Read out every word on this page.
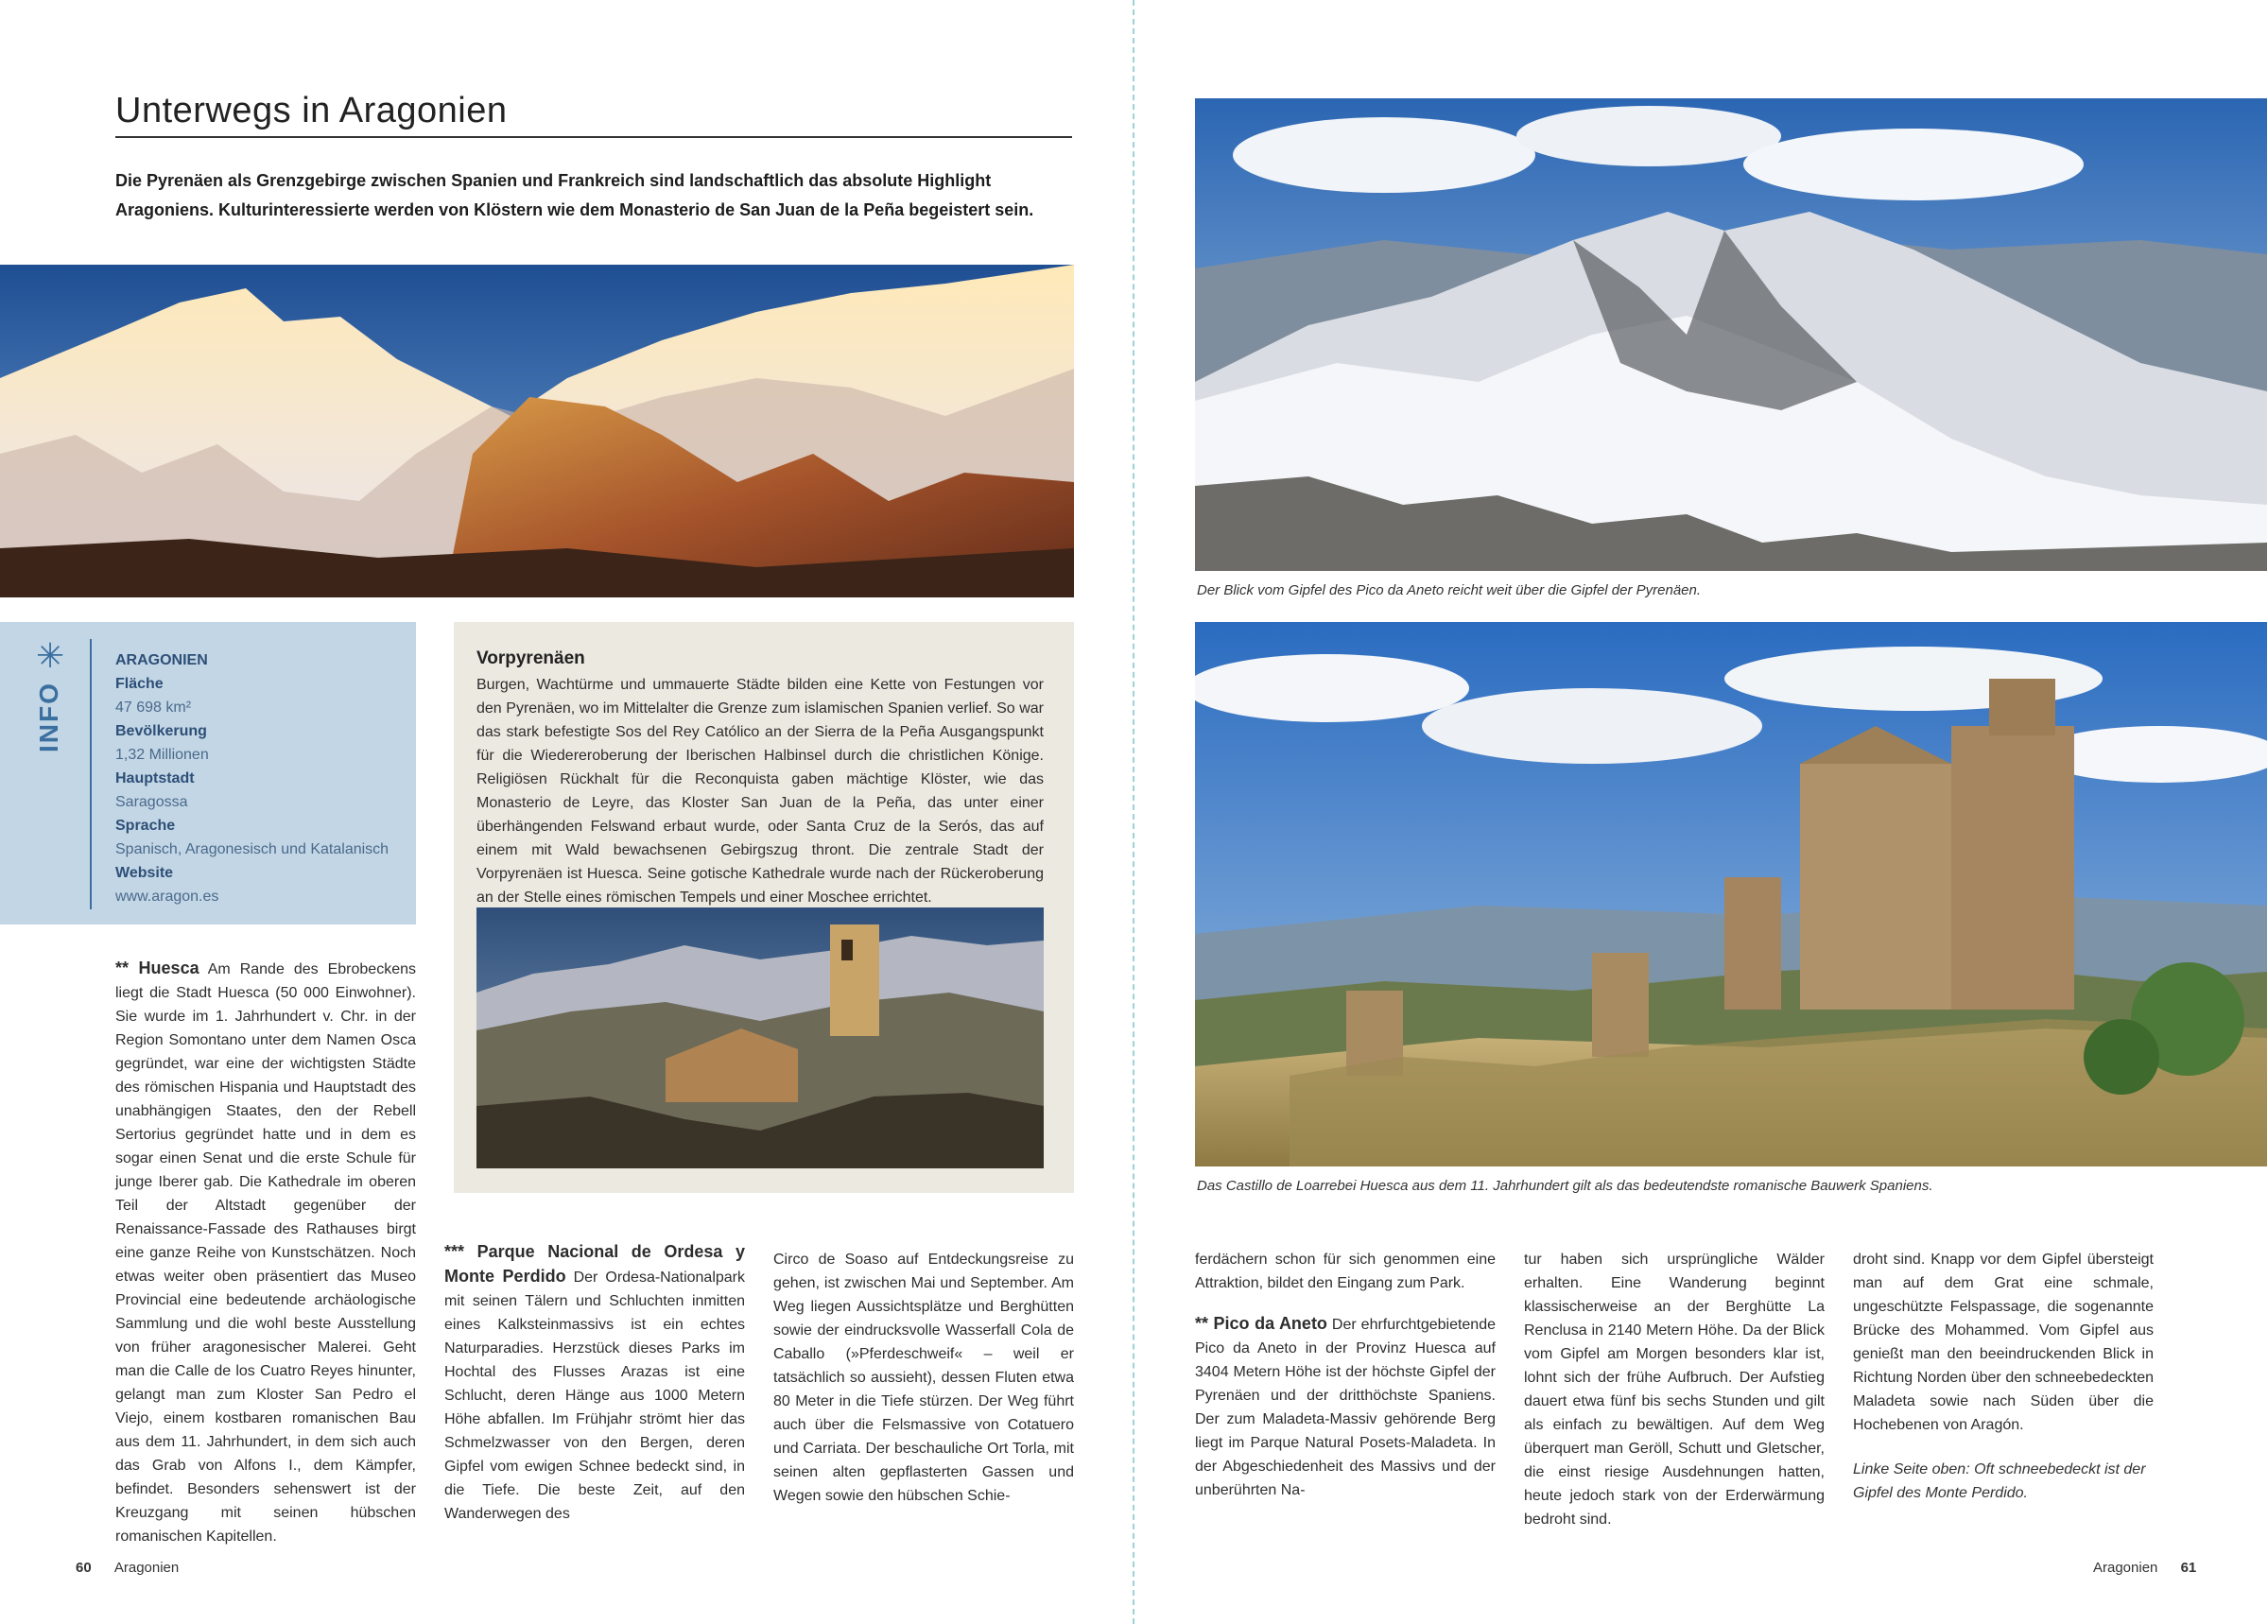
Unterwegs in Aragonien

Die Pyrenäen als Grenzgebirge zwischen Spanien und Frankreich sind landschaftlich das absolute Highlight Aragoniens. Kulturinteressierte werden von Klöstern wie dem Monasterio de San Juan de la Peña begeistert sein.

✳
INFO
ARAGONIEN
Fläche
47 698 km²
Bevölkerung
1,32 Millionen
Hauptstadt
Saragossa
Sprache
Spanisch, Aragonesisch und Katalanisch
Website
www.aragon.es
Vorpyrenäen

Burgen, Wachtürme und ummauerte Städte bilden eine Kette von Festungen vor den Pyrenäen, wo im Mittelalter die Grenze zum islamischen Spanien verlief. So war das stark befestigte Sos del Rey Católico an der Sierra de la Peña Ausgangspunkt für die Wiedereroberung der Iberischen Halbinsel durch die christlichen Könige. Religiösen Rückhalt für die Reconquista gaben mächtige Klöster, wie das Monasterio de Leyre, das Kloster San Juan de la Peña, das unter einer überhängenden Felswand erbaut wurde, oder Santa Cruz de la Serós, das auf einem mit Wald bewachsenen Gebirgszug thront. Die zentrale Stadt der Vorpyrenäen ist Huesca. Seine gotische Kathedrale wurde nach der Rückeroberung an der Stelle eines römischen Tempels und einer Moschee errichtet.

** Huesca Am Rande des Ebrobeckens liegt die Stadt Huesca (50 000 Einwohner). Sie wurde im 1. Jahrhundert v. Chr. in der Region Somontano unter dem Namen Osca gegründet, war eine der wichtigsten Städte des römischen Hispania und Hauptstadt des unabhängigen Staates, den der Rebell Sertorius gegründet hatte und in dem es sogar einen Senat und die erste Schule für junge Iberer gab. Die Kathedrale im oberen Teil der Altstadt gegenüber der Renaissance-Fassade des Rathauses birgt eine ganze Reihe von Kunstschätzen. Noch etwas weiter oben präsentiert das Museo Provincial eine bedeutende archäologische Sammlung und die wohl beste Ausstellung von früher aragonesischer Malerei. Geht man die Calle de los Cuatro Reyes hinunter, gelangt man zum Kloster San Pedro el Viejo, einem kostbaren romanischen Bau aus dem 11. Jahrhundert, in dem sich auch das Grab von Alfons I., dem Kämpfer, befindet. Besonders sehenswert ist der Kreuzgang mit seinen hübschen romanischen Kapitellen.
*** Parque Nacional de Ordesa y Monte Perdido Der Ordesa-Nationalpark mit seinen Tälern und Schluchten inmitten eines Kalksteinmassivs ist ein echtes Naturparadies. Herzstück dieses Parks im Hochtal des Flusses Arazas ist eine Schlucht, deren Hänge aus 1000 Metern Höhe abfallen. Im Frühjahr strömt hier das Schmelzwasser von den Bergen, deren Gipfel vom ewigen Schnee bedeckt sind, in die Tiefe. Die beste Zeit, auf den Wanderwegen des
Circo de Soaso auf Entdeckungsreise zu gehen, ist zwischen Mai und September. Am Weg liegen Aussichtsplätze und Berghütten sowie der eindrucksvolle Wasserfall Cola de Caballo (»Pferdeschweif« – weil er tatsächlich so aussieht), dessen Fluten etwa 80 Meter in die Tiefe stürzen. Der Weg führt auch über die Felsmassive von Cotatuero und Carriata. Der beschauliche Ort Torla, mit seinen alten gepflasterten Gassen und Wegen sowie den hübschen Schie-
60 Aragonien

Der Blick vom Gipfel des Pico da Aneto reicht weit über die Gipfel der Pyrenäen.

Das Castillo de Loarrebei Huesca aus dem 11. Jahrhundert gilt als das bedeutendste romanische Bauwerk Spaniens.

ferdächern schon für sich genommen eine Attraktion, bildet den Eingang zum Park.
** Pico da Aneto Der ehrfurchtgebietende Pico da Aneto in der Provinz Huesca auf 3404 Metern Höhe ist der höchste Gipfel der Pyrenäen und der dritthöchste Spaniens. Der zum Maladeta-Massiv gehörende Berg liegt im Parque Natural Posets-Maladeta. In der Abgeschiedenheit des Massivs und der unberührten Na-
tur haben sich ursprüngliche Wälder erhalten. Eine Wanderung beginnt klassischerweise an der Berghütte La Renclusa in 2140 Metern Höhe. Da der Blick vom Gipfel am Morgen besonders klar ist, lohnt sich der frühe Aufbruch. Der Aufstieg dauert etwa fünf bis sechs Stunden und gilt als einfach zu bewältigen. Auf dem Weg überquert man Geröll, Schutt und Gletscher, die einst riesige Ausdehnungen hatten, heute jedoch stark von der Erderwärmung bedroht sind.
droht sind. Knapp vor dem Gipfel übersteigt man auf dem Grat eine schmale, ungeschützte Felspassage, die sogenannte Brücke des Mohammed. Vom Gipfel aus genießt man den beeindruckenden Blick in Richtung Norden über den schneebedeckten Maladeta sowie nach Süden über die Hochebenen von Aragón.
Linke Seite oben: Oft schneebedeckt ist der Gipfel des Monte Perdido.
Aragonien 61
